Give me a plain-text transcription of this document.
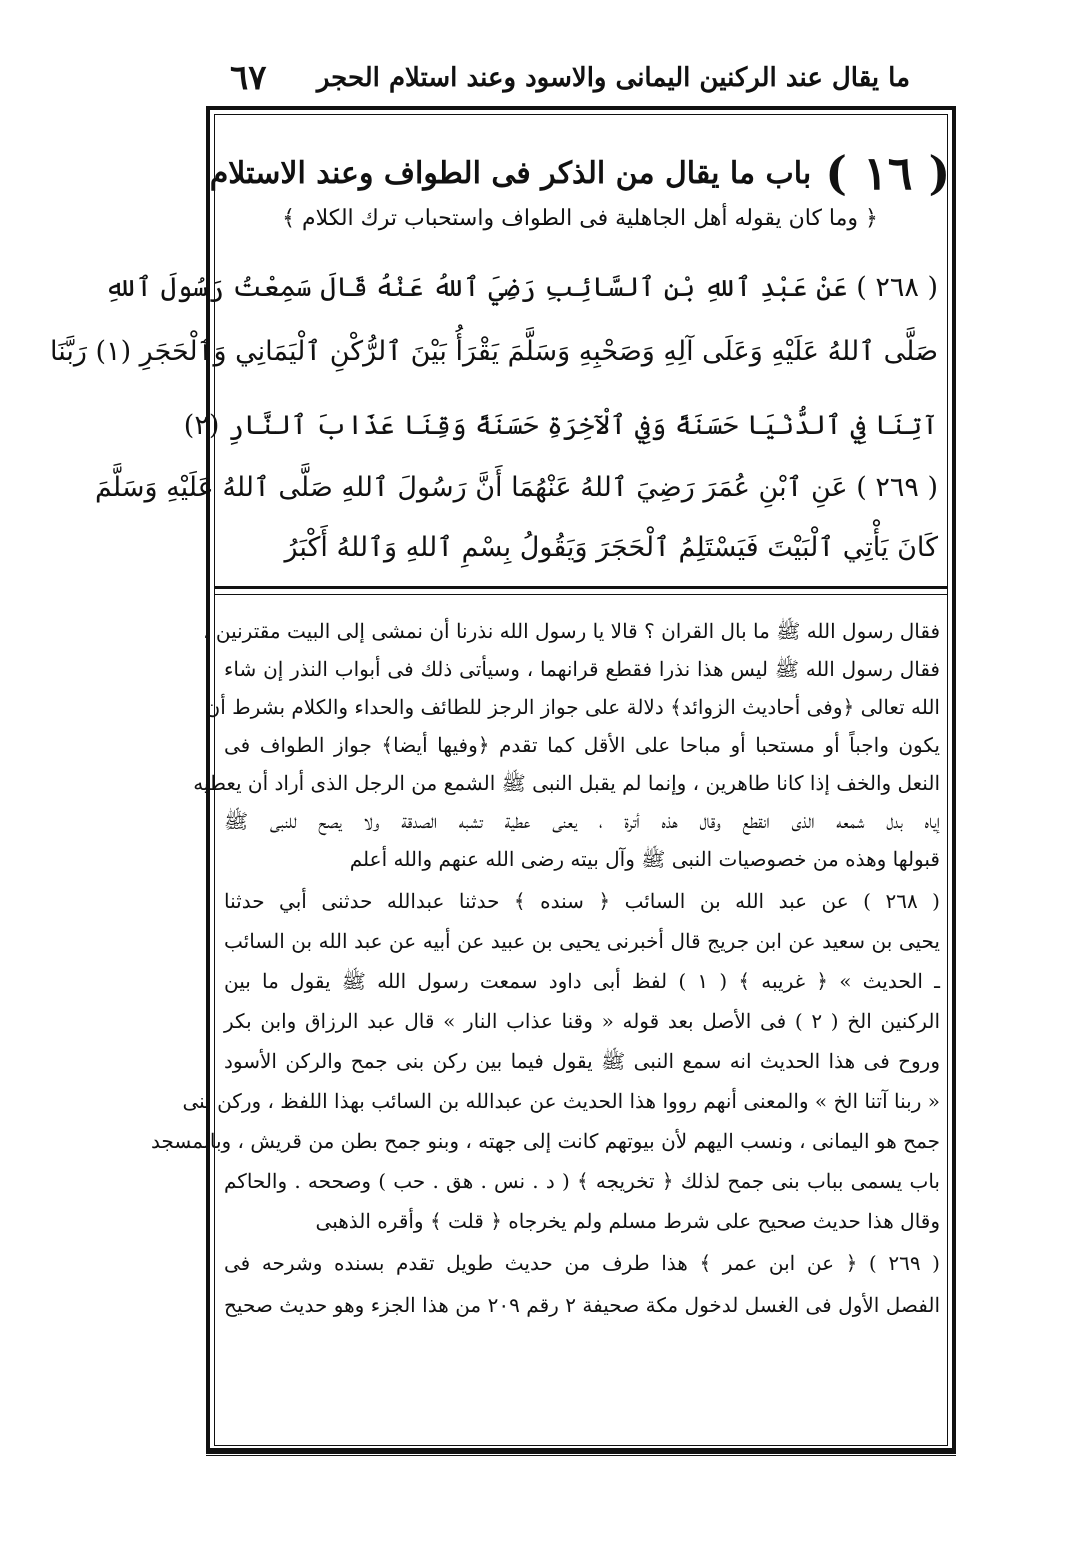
ما يقال عند الركنين اليمانى والاسود وعند استلام الحجر
٦٧
( ١٦ )
باب ما يقال من الذكر فى الطواف وعند الاستلام
﴿ وما كان يقوله أهل الجاهلية فى الطواف واستحباب ترك الكلام ﴾
( ٢٦٨ ) عَنْ عَبْدِ ٱللهِ بْنِ ٱلسَّائِبِ رَضِيَ ٱللهُ عَنْهُ قَالَ سَمِعْتُ رَسُولَ ٱللهِ
صَلَّى ٱللهُ عَلَيْهِ وَعَلَى آلِهِ وَصَحْبِهِ وَسَلَّمَ يَقْرَأُ بَيْنَ ٱلرُّكْنِ ٱلْيَمَانِي وَٱلْحَجَرِ (١) رَبَّنَا
آتِنَا فِي ٱلدُّنْيَا حَسَنَةً وَفِي ٱلْآخِرَةِ حَسَنَةً وَقِنَا عَذَابَ ٱلنَّارِ (٢)
( ٢٦٩ ) عَنِ ٱبْنِ عُمَرَ رَضِيَ ٱللهُ عَنْهُمَا أَنَّ رَسُولَ ٱللهِ صَلَّى ٱللهُ عَلَيْهِ وَسَلَّمَ
كَانَ يَأْتِي ٱلْبَيْتَ فَيَسْتَلِمُ ٱلْحَجَرَ وَيَقُولُ بِسْمِ ٱللهِ وَٱللهُ أَكْبَرُ
فقال رسول الله ﷺ ما بال القران ؟ قالا يا رسول الله نذرنا أن نمشى إلى البيت مقترنين ،
فقال رسول الله ﷺ ليس هذا نذرا فقطع قرانهما ، وسيأتى ذلك فى أبواب النذر إن شاء
الله تعالى ﴿وفى أحاديث الزوائد﴾ دلالة على جواز الرجز للطائف والحداء والكلام بشرط أن
يكون واجباً أو مستحبا أو مباحا على الأقل كما تقدم ﴿وفيها أيضا﴾ جواز الطواف فى
النعل والخف إذا كانا طاهرين ، وإنما لم يقبل النبى ﷺ الشمع من الرجل الذى أراد أن يعطيه
إياه بدل شمعه الذى انقطع وقال هذه أترة ، يعنى عطية تشبه الصدقة ولا يصح للنبى ﷺ
قبولها وهذه من خصوصيات النبى ﷺ وآل بيته رضى الله عنهم والله أعلم
( ٢٦٨ ) عن عبد الله بن السائب ﴿ سنده ﴾ حدثنا عبدالله حدثنى أبي حدثنا
يحيى بن سعيد عن ابن جريج قال أخبرنى يحيى بن عبيد عن أبيه عن عبد الله بن السائب
ـ الحديث » ﴿ غريبه ﴾ ( ١ ) لفظ أبى داود سمعت رسول الله ﷺ يقول ما بين
الركنين الخ ( ٢ ) فى الأصل بعد قوله « وقنا عذاب النار » قال عبد الرزاق وابن بكر
وروح فى هذا الحديث انه سمع النبى ﷺ يقول فيما بين ركن بنى جمح والركن الأسود
« ربنا آتنا الخ » والمعنى أنهم رووا هذا الحديث عن عبدالله بن السائب بهذا اللفظ ، وركن بنى
جمح هو اليمانى ، ونسب اليهم لأن بيوتهم كانت إلى جهته ، وبنو جمح بطن من قريش ، وبالمسجد
باب يسمى بباب بنى جمح لذلك ﴿ تخريجه ﴾ ( د . نس . هق . حب ) وصححه . والحاكم
وقال هذا حديث صحيح على شرط مسلم ولم يخرجاه ﴿ قلت ﴾ وأقره الذهبى
( ٢٦٩ ) ﴿ عن ابن عمر ﴾ هذا طرف من حديث طويل تقدم بسنده وشرحه فى
الفصل الأول فى الغسل لدخول مكة صحيفة ٢ رقم ٢٠٩ من هذا الجزء وهو حديث صحيح
